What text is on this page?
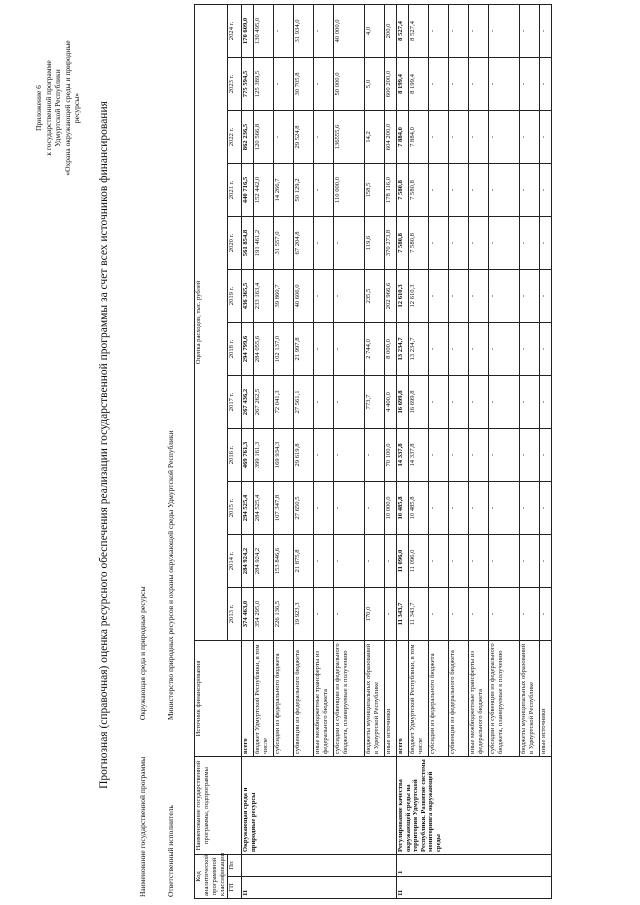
Приложение 6 к государственной программе Удмуртской Республики «Охрана окружающей среды и природные ресурсы» Прогнозная (справочная) оценка ресурсного обеспечения реализации государственной программы за счет всех источников финансирования
Наименование государственной программы Окружающая среда и природные ресурсы
Ответственный исполнитель Министерство природных ресурсов и охраны окружающей среды Удмуртской Республики
Код аналитической программной классификации		Наименование государственной программы, подпрограммы	Источник финансирования	Оценка расходов, тыс. рублей											
ГП	Пп			2013 г.	2014 г.	2015 г.	2016 г.	2017 г.	2018 г.	2019 г.	2020 г.	2021 г.	2022 г.	2023 г.	2024 г.
11		Окружающая среда и природные ресурсы	всего	374 463,0	284 924,2	294 525,4	469 761,3	267 436,2	294 799,6	436 365,5	561 854,8	440 716,5	862 236,5	775 594,5	170 609,0
			бюджет Удмуртской Республики, в том числе	354 295,0	284 924,2	284 525,4	399 161,3	267 262,5	284 055,6	233 163,4	191 461,2	152 442,0	120 566,8	125 389,5	130 495,0
			субсидии из федерального бюджета	226 136,5	153 846,6	107 347,8	169 934,3	72 041,3	102 137,0	39 860,7	31 557,0	14 266,7	-	-	-
			субвенции из федерального бюджета	19 923,3	21 875,8	27 650,5	29 619,8	27 561,1	21 997,8	40 606,0	67 204,8	50 129,2	29 524,8	30 705,8	31 934,0
			иные межбюджетные трансферты из федерального бюджета	-	-	-	-	-	-	-	-	-	-	-	-
			субсидии и субвенции из федерального бюджета, планируемые к получению	-	-	-	-	-	-	-	-	110 000,0	136555,6	50 000,0	40 000,0
			бюджеты муниципальных образований в Удмуртской Республике	170,0	-	-	-	773,7	2 744,0	235,5	119,6	158,5	14,2	5,0	4,0
			иные источники	-	-	10 000,0	70 100,0	4 400,0	8 000,0	202 966,6	370 273,8	178 116,0	604 200,0	600 200,0	200,0
11	1	Регулирование качества окружающей среды на территории Удмуртской Республики. Развитие системы мониторинга окружающей среды	всего	11 343,7	11 096,0	10 485,8	14 337,8	16 699,8	13 234,7	12 610,3	7 580,8	7 580,8	7 884,0	8 199,4	8 527,4
			бюджет Удмуртской Республики, в том числе	11 343,7	11 096,0	10 485,8	14 337,8	16 699,8	13 234,7	12 610,3	7 580,8	7 580,8	7 884,0	8 199,4	8 527,4
			субсидии из федерального бюджета	-	-	-	-	-	-	-	-	-	-	-	-
			субвенции из федерального бюджета	-	-	-	-	-	-	-	-	-	-	-	-
			иные межбюджетные трансферты из федерального бюджета	-	-	-	-	-	-	-	-	-	-	-	-
			субсидии и субвенции из федерального бюджета, планируемые к получению	-	-	-	-	-	-	-	-	-	-	-	-
			бюджеты муниципальных образований в Удмуртской Республике	-	-	-	-	-	-	-	-	-	-	-	-
			иные источники	-	-	-	-	-	-	-	-	-	-	-	-
